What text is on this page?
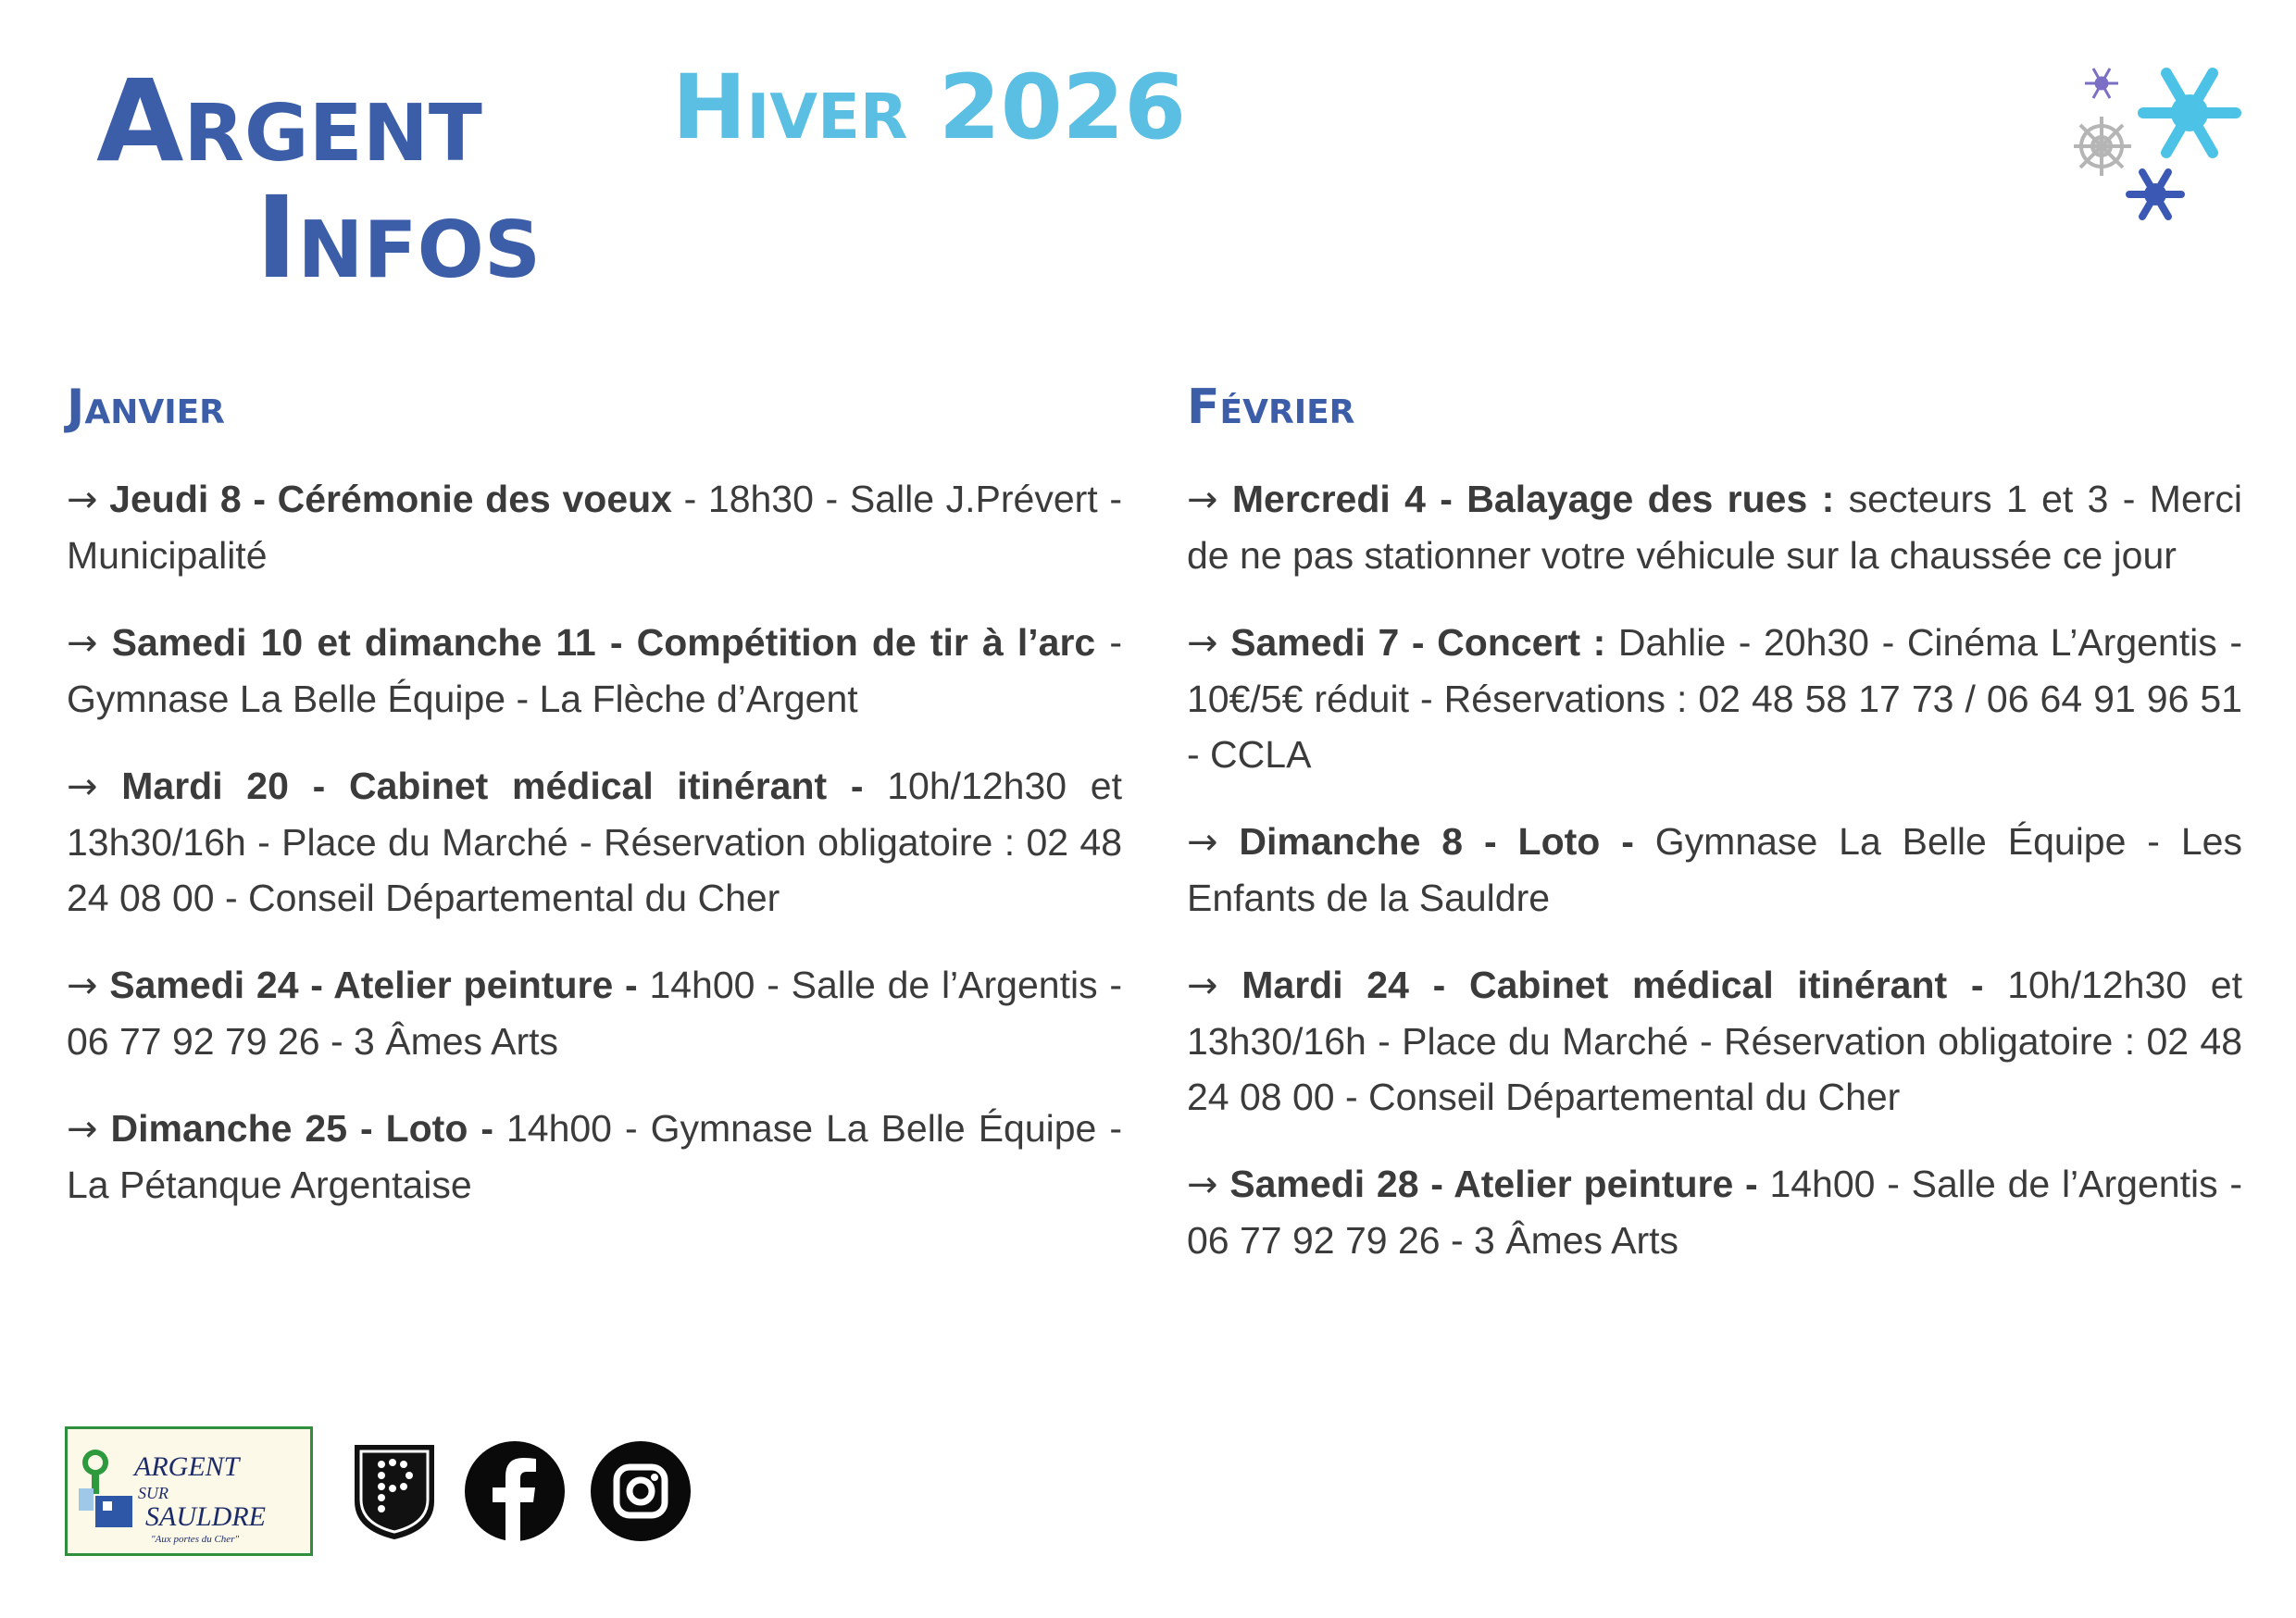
Argent
Infos
Hiver 2026
Janvier

→ Jeudi 8 - Cérémonie des voeux - 18h30 - Salle J.Prévert - Municipalité

→ Samedi 10 et dimanche 11 - Compétition de tir à l’arc - Gymnase La Belle Équipe - La Flèche d’Argent

→ Mardi 20 - Cabinet médical itinérant - 10h/12h30 et 13h30/16h - Place du Marché - Réservation obligatoire : 02 48 24 08 00 - Conseil Départemental du Cher

→ Samedi 24 - Atelier peinture - 14h00 - Salle de l’Argentis - 06 77 92 79 26 - 3 Âmes Arts

→ Dimanche 25 - Loto - 14h00 - Gymnase La Belle Équipe - La Pétanque Argentaise

Février

→ Mercredi 4 - Balayage des rues : secteurs 1 et 3 - Merci de ne pas stationner votre véhicule sur la chaussée ce jour

→ Samedi 7 - Concert : Dahlie - 20h30 - Cinéma L’Argentis - 10€/5€ réduit - Réservations : 02 48 58 17 73 / 06 64 91 96 51 - CCLA

→ Dimanche 8 - Loto - Gymnase La Belle Équipe - Les Enfants de la Sauldre

→ Mardi 24 - Cabinet médical itinérant - 10h/12h30 et 13h30/16h - Place du Marché - Réservation obligatoire : 02 48 24 08 00 - Conseil Départemental du Cher

→ Samedi 28 - Atelier peinture - 14h00 - Salle de l’Argentis - 06 77 92 79 26 - 3 Âmes Arts

ARGENT
SUR
SAULDRE
"Aux portes du Cher"
